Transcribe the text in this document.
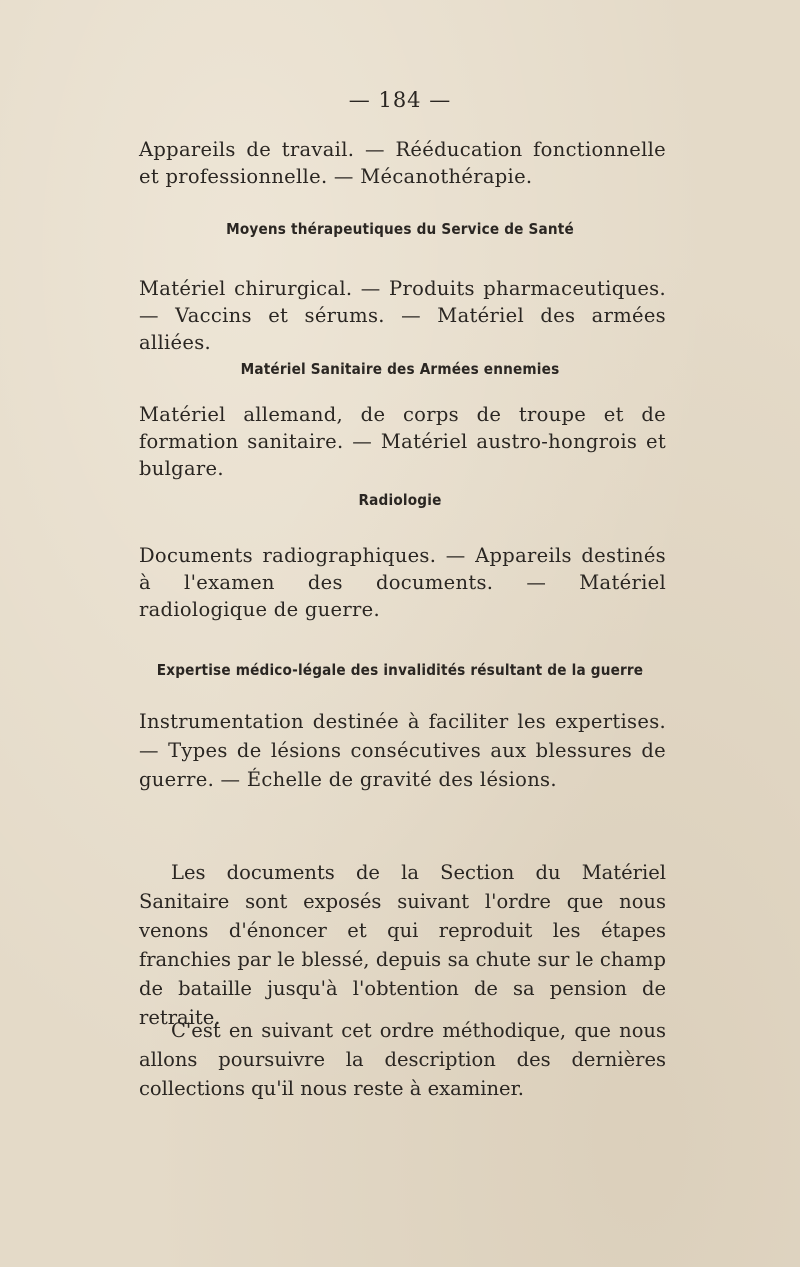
— 184 —

Appareils de travail. — Rééducation fonctionnelle et professionnelle. — Mécanothérapie.

Moyens thérapeutiques du Service de Santé

Matériel chirurgical. — Produits pharmaceutiques. — Vaccins et sérums. — Matériel des armées alliées.

Matériel Sanitaire des Armées ennemies

Matériel allemand, de corps de troupe et de formation sanitaire. — Matériel austro-hongrois et bulgare.

Radiologie

Documents radiographiques. — Appareils destinés à l'examen des documents. — Matériel radiologique de guerre.

Expertise médico-légale des invalidités résultant de la guerre

Instrumentation destinée à faciliter les expertises. — Types de lésions consécutives aux blessures de guerre. — Échelle de gravité des lésions.

Les documents de la Section du Matériel Sanitaire sont exposés suivant l'ordre que nous venons d'énoncer et qui reproduit les étapes franchies par le blessé, depuis sa chute sur le champ de bataille jusqu'à l'obtention de sa pension de retraite.

C'est en suivant cet ordre méthodique, que nous allons poursuivre la description des dernières collections qu'il nous reste à examiner.
